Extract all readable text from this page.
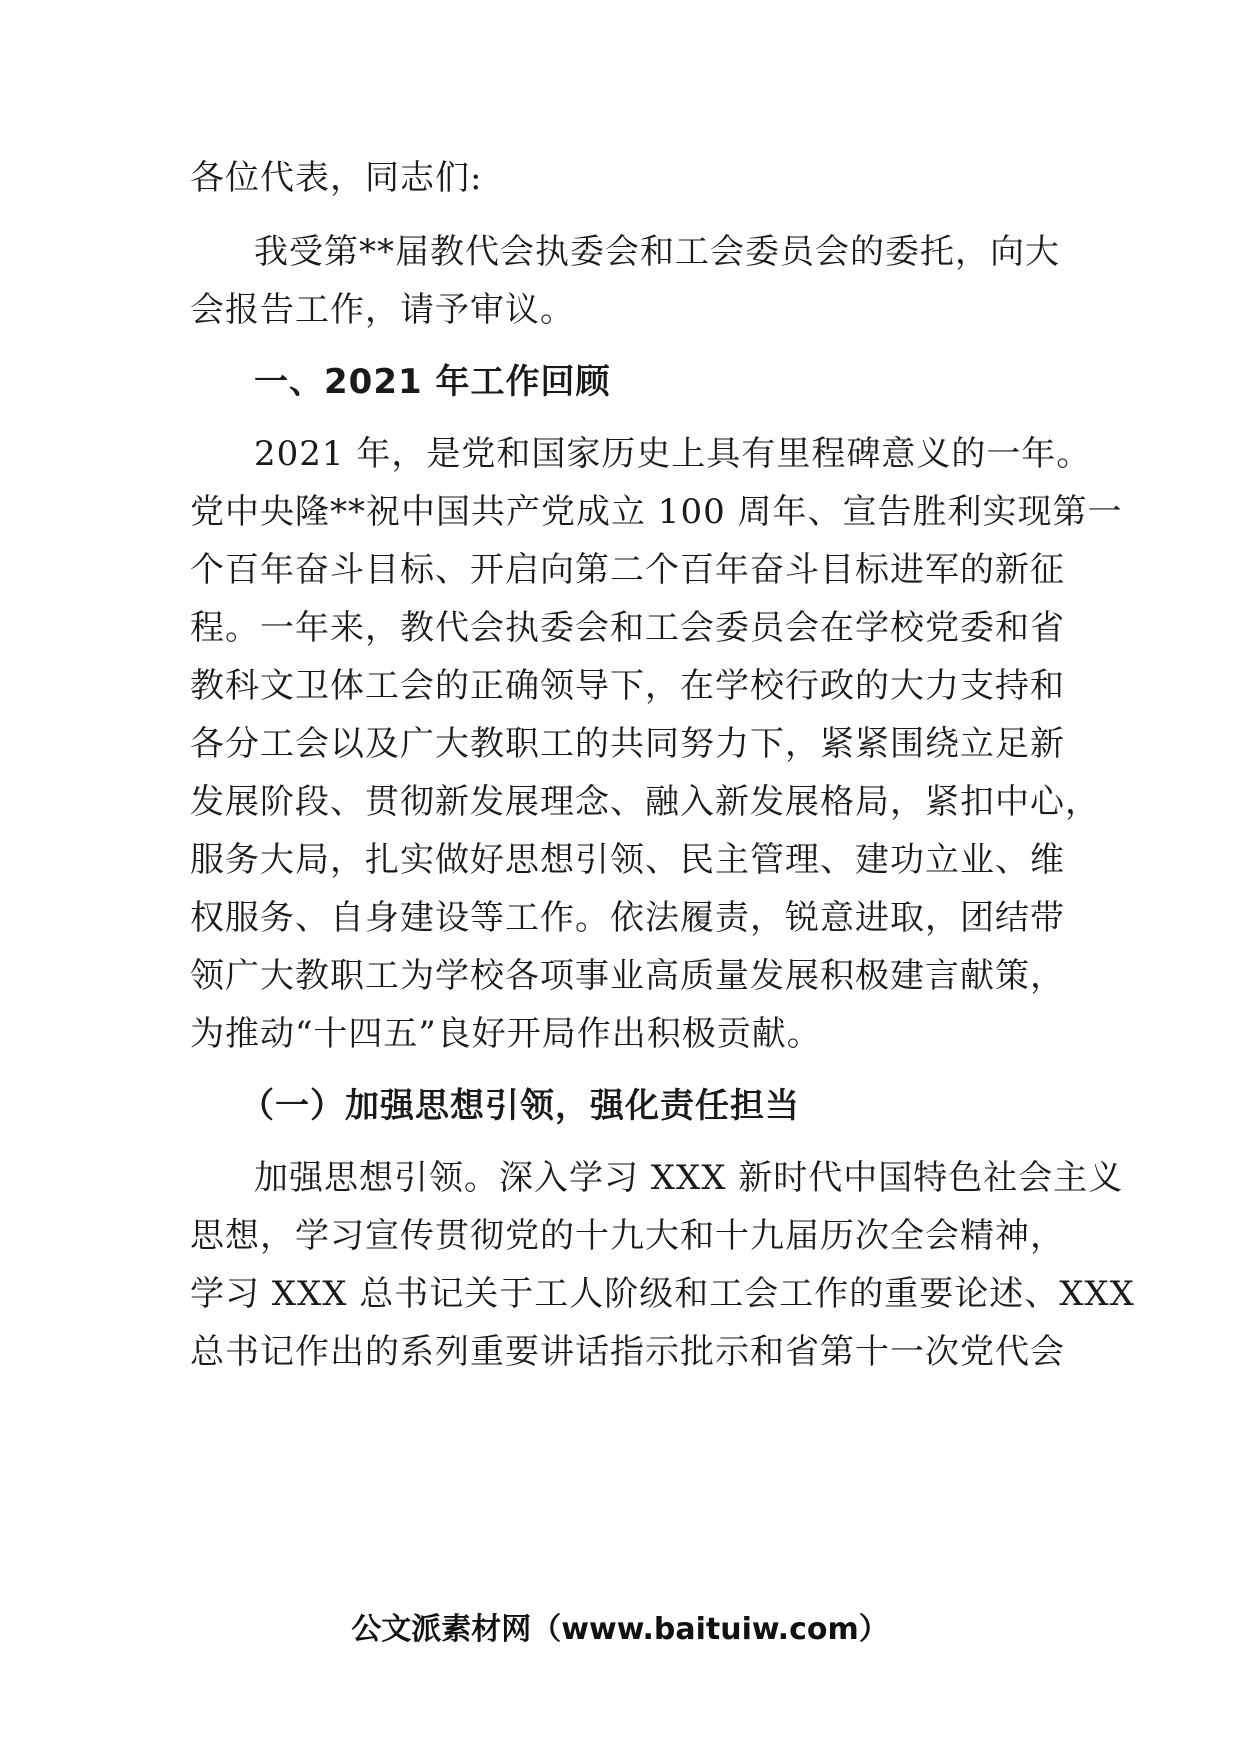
各位代表，同志们:
我受第**届教代会执委会和工会委员会的委托，向大
会报告工作，请予审议。
一、2021 年工作回顾
2021 年，是党和国家历史上具有里程碑意义的一年。
党中央隆**祝中国共产党成立 100 周年、宣告胜利实现第一
个百年奋斗目标、开启向第二个百年奋斗目标进军的新征
程。一年来，教代会执委会和工会委员会在学校党委和省
教科文卫体工会的正确领导下，在学校行政的大力支持和
各分工会以及广大教职工的共同努力下，紧紧围绕立足新
发展阶段、贯彻新发展理念、融入新发展格局，紧扣中心，
服务大局，扎实做好思想引领、民主管理、建功立业、维
权服务、自身建设等工作。依法履责，锐意进取，团结带
领广大教职工为学校各项事业高质量发展积极建言献策，
为推动“十四五”良好开局作出积极贡献。
（一）加强思想引领，强化责任担当
加强思想引领。深入学习 XXX 新时代中国特色社会主义
思想，学习宣传贯彻党的十九大和十九届历次全会精神，
学习 XXX 总书记关于工人阶级和工会工作的重要论述、XXX
总书记作出的系列重要讲话指示批示和省第十一次党代会
公文派素材网（www.baituiw.com）
